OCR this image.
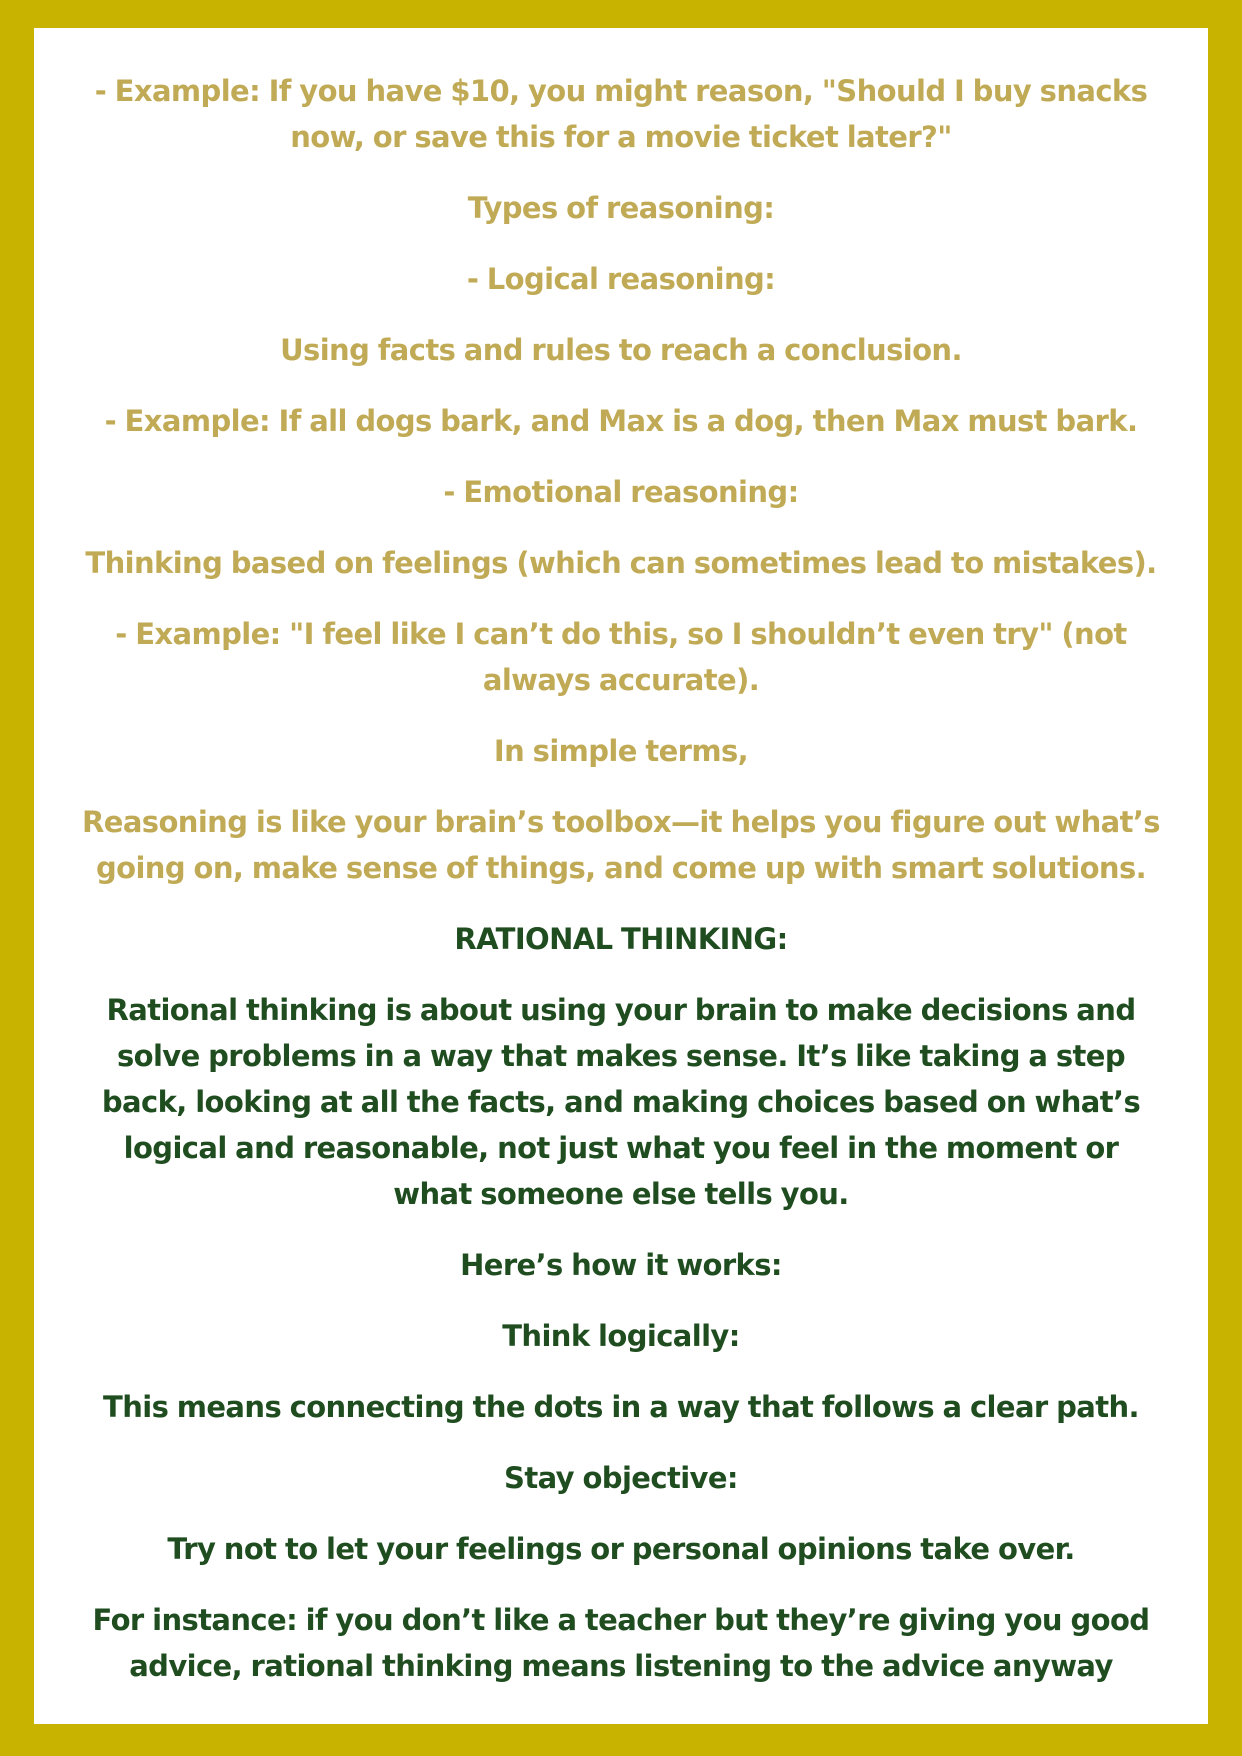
- Example: If you have $10, you might reason, "Should I buy snacks now, or save this for a movie ticket later?"

Types of reasoning:

- Logical reasoning:

Using facts and rules to reach a conclusion.

- Example: If all dogs bark, and Max is a dog, then Max must bark.

- Emotional reasoning:

Thinking based on feelings (which can sometimes lead to mistakes).

- Example: "I feel like I can’t do this, so I shouldn’t even try" (not always accurate).

In simple terms,

Reasoning is like your brain’s toolbox—it helps you figure out what’s going on, make sense of things, and come up with smart solutions.

RATIONAL THINKING:

Rational thinking is about using your brain to make decisions and solve problems in a way that makes sense. It’s like taking a step back, looking at all the facts, and making choices based on what’s logical and reasonable, not just what you feel in the moment or what someone else tells you.

Here’s how it works:

Think logically:

This means connecting the dots in a way that follows a clear path.

Stay objective:

Try not to let your feelings or personal opinions take over.

For instance: if you don’t like a teacher but they’re giving you good advice, rational thinking means listening to the advice anyway
